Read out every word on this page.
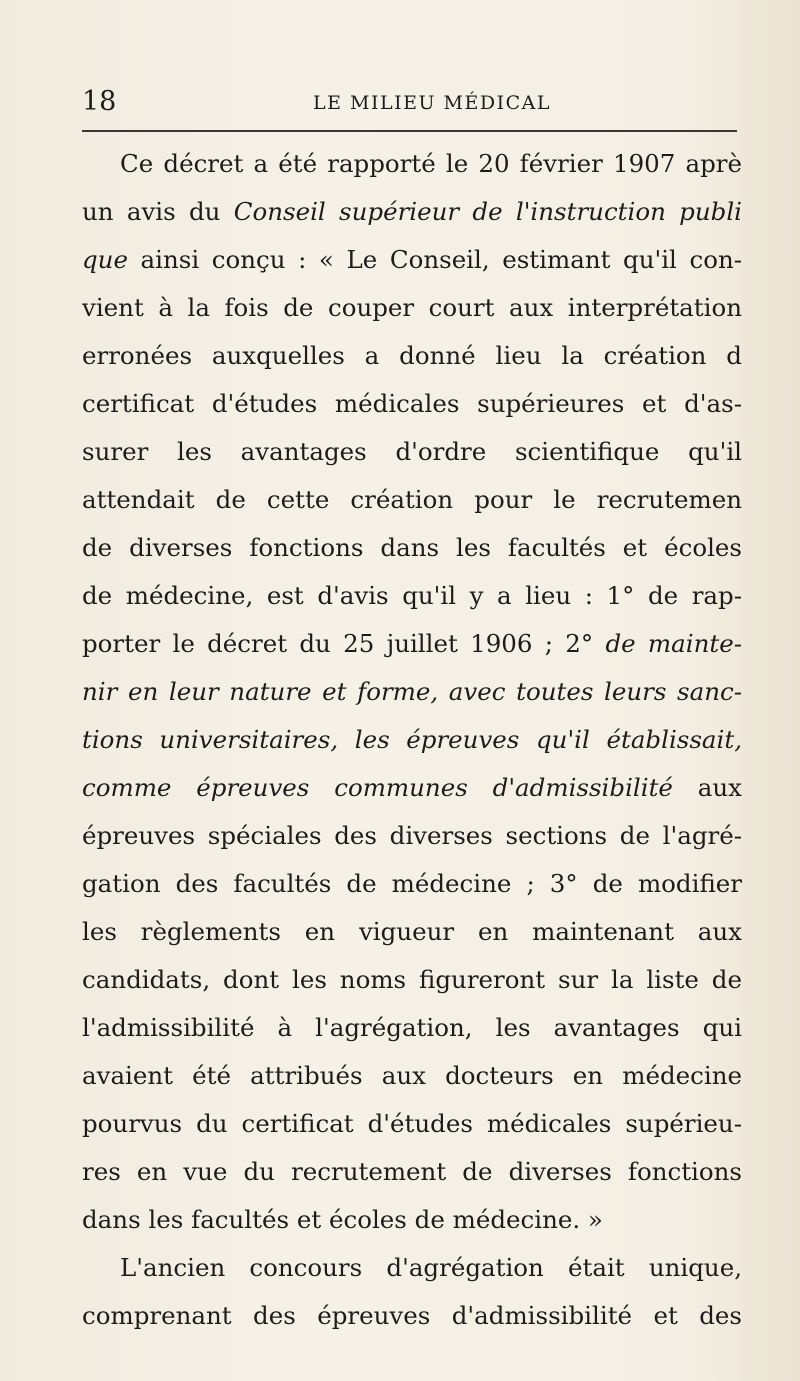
18	LE MILIEU MÉDICAL
Ce décret a été rapporté le 20 février 1907 aprè
un avis du Conseil supérieur de l'instruction publi
que ainsi conçu : « Le Conseil, estimant qu'il con-
vient à la fois de couper court aux interprétation
erronées auxquelles a donné lieu la création d
certificat d'études médicales supérieures et d'as-
surer les avantages d'ordre scientifique qu'il
attendait de cette création pour le recrutemen
de diverses fonctions dans les facultés et écoles
de médecine, est d'avis qu'il y a lieu : 1° de rap-
porter le décret du 25 juillet 1906 ; 2° de mainte-
nir en leur nature et forme, avec toutes leurs sanc-
tions universitaires, les épreuves qu'il établissait,
comme épreuves communes d'admissibilité aux
épreuves spéciales des diverses sections de l'agré-
gation des facultés de médecine ; 3° de modifier
les règlements en vigueur en maintenant aux
candidats, dont les noms figureront sur la liste de
l'admissibilité à l'agrégation, les avantages qui
avaient été attribués aux docteurs en médecine
pourvus du certificat d'études médicales supérieu-
res en vue du recrutement de diverses fonctions
dans les facultés et écoles de médecine. »
L'ancien concours d'agrégation était unique,
comprenant des épreuves d'admissibilité et des
